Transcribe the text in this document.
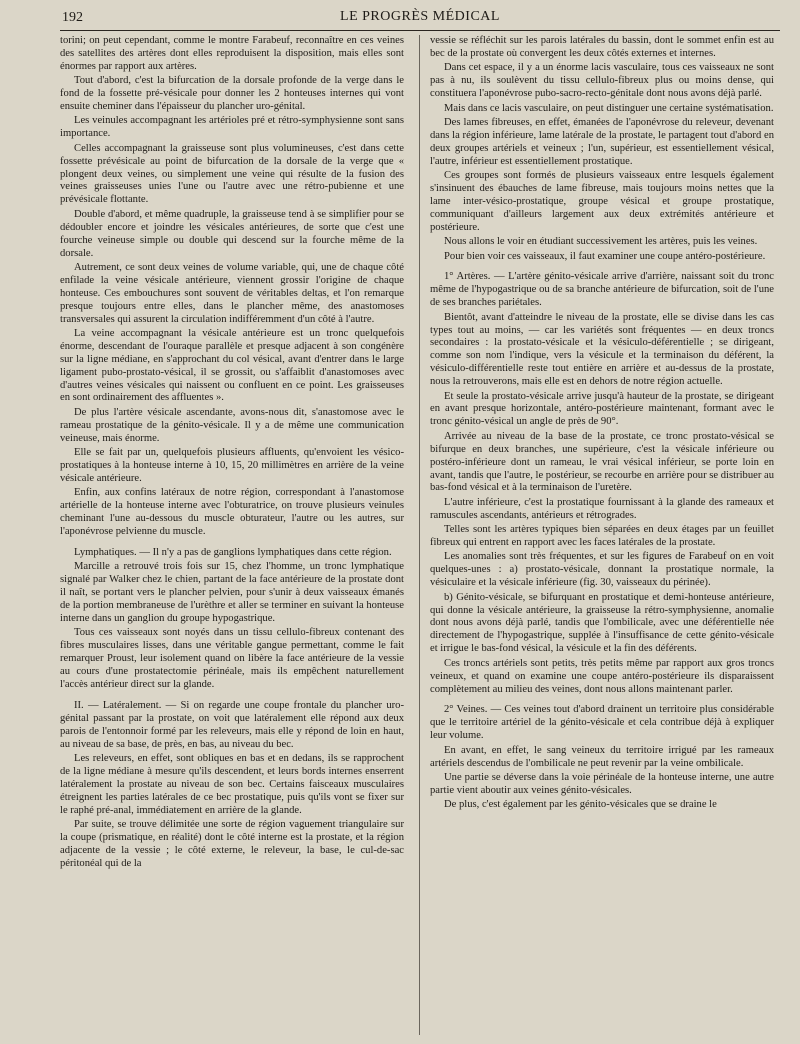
192	LE PROGRÈS MÉDICAL

torini; on peut cependant, comme le montre Farabeuf, reconnaître en ces veines des satellites des artères dont elles reproduisent la disposition, mais elles sont énormes par rapport aux artères.

Tout d'abord, c'est la bifurcation de la dorsale profonde de la verge dans le fond de la fossette pré-vésicale pour donner les 2 honteuses internes qui vont ensuite cheminer dans l'épaisseur du plancher uro-génital.

Les veinules accompagnant les artérioles pré et rétro-symphysienne sont sans importance.

Celles accompagnant la graisseuse sont plus volumineuses, c'est dans cette fossette prévésicale au point de bifurcation de la dorsale de la verge que « plongent deux veines, ou simplement une veine qui résulte de la fusion des veines graisseuses unies l'une ou l'autre avec une rétro-pubienne et une prévésicale flottante.

Double d'abord, et même quadruple, la graisseuse tend à se simplifier pour se dédoubler encore et joindre les vésicales antérieures, de sorte que c'est une fourche veineuse simple ou double qui descend sur la fourche même de la dorsale.

Autrement, ce sont deux veines de volume variable, qui, une de chaque côté enfilade la veine vésicale antérieure, viennent grossir l'origine de chaque honteuse. Ces embouchures sont souvent de véritables deltas, et l'on remarque presque toujours entre elles, dans le plancher même, des anastomoses transversales qui assurent la circulation indifféremment d'un côté à l'autre.

La veine accompagnant la vésicale antérieure est un tronc quelquefois énorme, descendant de l'ouraque parallèle et presque adjacent à son congénère sur la ligne médiane, en s'approchant du col vésical, avant d'entrer dans le large ligament pubo-prostato-vésical, il se grossit, ou s'affaiblit d'anastomoses avec d'autres veines vésicales qui naissent ou confluent en ce point. Les graisseuses en sont ordinairement des affluentes ».

De plus l'artère vésicale ascendante, avons-nous dit, s'anastomose avec le rameau prostatique de la génito-vésicale. Il y a de même une communication veineuse, mais énorme.

Elle se fait par un, quelquefois plusieurs affluents, qu'envoient les vésico-prostatiques à la honteuse interne à 10, 15, 20 millimètres en arrière de la veine vésicale antérieure.

Enfin, aux confins latéraux de notre région, correspondant à l'anastomose artérielle de la honteuse interne avec l'obturatrice, on trouve plusieurs veinules cheminant l'une au-dessous du muscle obturateur, l'autre ou les autres, sur l'aponévrose pelvienne du muscle.

Lymphatiques. — Il n'y a pas de ganglions lymphatiques dans cette région.

Marcille a retrouvé trois fois sur 15, chez l'homme, un tronc lymphatique signalé par Walker chez le chien, partant de la face antérieure de la prostate dont il naît, se portant vers le plancher pelvien, pour s'unir à deux vaisseaux émanés de la portion membraneuse de l'urèthre et aller se terminer en suivant la honteuse interne dans un ganglion du groupe hypogastrique.

Tous ces vaisseaux sont noyés dans un tissu cellulo-fibreux contenant des fibres musculaires lisses, dans une véritable gangue permettant, comme le fait remarquer Proust, leur isolement quand on libère la face antérieure de la vessie au cours d'une prostatectomie périnéale, mais ils empêchent naturellement l'accès antérieur direct sur la glande.

II. — Latéralement. — Si on regarde une coupe frontale du plancher uro-génital passant par la prostate, on voit que latéralement elle répond aux deux parois de l'entonnoir formé par les releveurs, mais elle y répond de loin en haut, au niveau de sa base, de près, en bas, au niveau du bec.

Les releveurs, en effet, sont obliques en bas et en dedans, ils se rapprochent de la ligne médiane à mesure qu'ils descendent, et leurs bords internes enserrent latéralement la prostate au niveau de son bec. Certains faisceaux musculaires étreignent les parties latérales de ce bec prostatique, puis qu'ils vont se fixer sur le raphé pré-anal, immédiatement en arrière de la glande.

Par suite, se trouve délimitée une sorte de région vaguement triangulaire sur la coupe (prismatique, en réalité) dont le côté interne est la prostate, et la région adjacente de la vessie ; le côté externe, le releveur, la base, le cul-de-sac péritonéal qui de la

vessie se réfléchit sur les parois latérales du bassin, dont le sommet enfin est au bec de la prostate où convergent les deux côtés externes et internes.

Dans cet espace, il y a un énorme lacis vasculaire, tous ces vaisseaux ne sont pas à nu, ils soulèvent du tissu cellulo-fibreux plus ou moins dense, qui constituera l'aponévrose pubo-sacro-recto-génitale dont nous avons déjà parlé.

Mais dans ce lacis vasculaire, on peut distinguer une certaine systématisation.

Des lames fibreuses, en effet, émanées de l'aponévrose du releveur, devenant dans la région inférieure, lame latérale de la prostate, le partagent tout d'abord en deux groupes artériels et veineux ; l'un, supérieur, est essentiellement vésical, l'autre, inférieur est essentiellement prostatique.

Ces groupes sont formés de plusieurs vaisseaux entre lesquels également s'insinuent des ébauches de lame fibreuse, mais toujours moins nettes que la lame inter-vésico-prostatique, groupe vésical et groupe prostatique, communiquant d'ailleurs largement aux deux extrémités antérieure et postérieure.

Nous allons le voir en étudiant successivement les artères, puis les veines.

Pour bien voir ces vaisseaux, il faut examiner une coupe antéro-postérieure.

1° Artères. — L'artère génito-vésicale arrive d'arrière, naissant soit du tronc même de l'hypogastrique ou de sa branche antérieure de bifurcation, soit de l'une de ses branches pariétales.

Bientôt, avant d'atteindre le niveau de la prostate, elle se divise dans les cas types tout au moins, — car les variétés sont fréquentes — en deux troncs secondaires : la prostato-vésicale et la vésiculo-déférentielle ; se dirigeant, comme son nom l'indique, vers la vésicule et la terminaison du déférent, la vésiculo-différentielle reste tout entière en arrière et au-dessus de la prostate, nous la retrouverons, mais elle est en dehors de notre région actuelle.

Et seule la prostato-vésicale arrive jusqu'à hauteur de la prostate, se dirigeant en avant presque horizontale, antéro-postérieure maintenant, formant avec le tronc génito-vésical un angle de près de 90°.

Arrivée au niveau de la base de la prostate, ce tronc prostato-vésical se bifurque en deux branches, une supérieure, c'est la vésicale inférieure ou postéro-inférieure dont un rameau, le vrai vésical inférieur, se porte loin en avant, tandis que l'autre, le postérieur, se recourbe en arrière pour se distribuer au bas-fond vésical et à la terminaison de l'uretère.

L'autre inférieure, c'est la prostatique fournissant à la glande des rameaux et ramuscules ascendants, antérieurs et rétrogrades.

Telles sont les artères typiques bien séparées en deux étages par un feuillet fibreux qui entrent en rapport avec les faces latérales de la prostate.

Les anomalies sont très fréquentes, et sur les figures de Farabeuf on en voit quelques-unes : a) prostato-vésicale, donnant la prostatique normale, la vésiculaire et la vésicale inférieure (fig. 30, vaisseaux du périnée).

b) Génito-vésicale, se bifurquant en prostatique et demi-honteuse antérieure, qui donne la vésicale antérieure, la graisseuse la rétro-symphysienne, anomalie dont nous avons déjà parlé, tandis que l'ombilicale, avec une déférentielle née directement de l'hypogastrique, supplée à l'insuffisance de cette génito-vésicale et irrigue le bas-fond vésical, la vésicule et la fin des déférents.

Ces troncs artériels sont petits, très petits même par rapport aux gros troncs veineux, et quand on examine une coupe antéro-postérieure ils disparaissent complètement au milieu des veines, dont nous allons maintenant parler.

2° Veines. — Ces veines tout d'abord drainent un territoire plus considérable que le territoire artériel de la génito-vésicale et cela contribue déjà à expliquer leur volume.

En avant, en effet, le sang veineux du territoire irrigué par les rameaux artériels descendus de l'ombilicale ne peut revenir par la veine ombilicale.

Une partie se déverse dans la voie périnéale de la honteuse interne, une autre partie vient aboutir aux veines génito-vésicales.

De plus, c'est également par les génito-vésicales que se draine le
